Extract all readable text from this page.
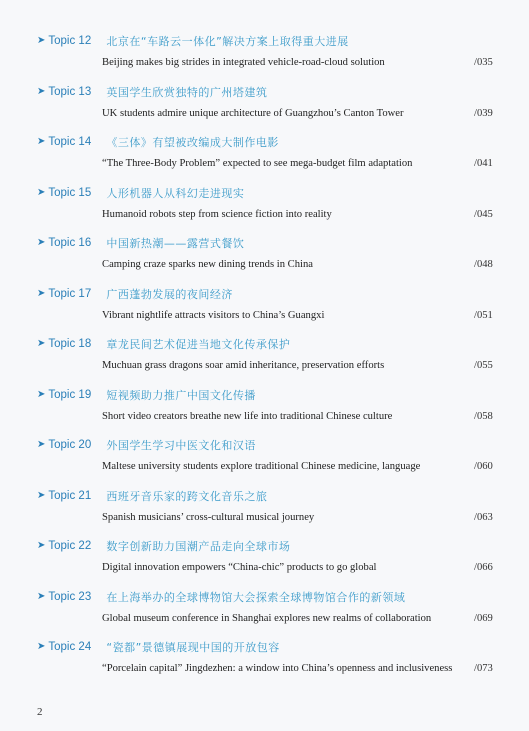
➤ Topic 12	北京在“车路云一体化”解决方案上取得重大进展
Beijing makes big strides in integrated vehicle-road-cloud solution	/035
➤ Topic 13	英国学生欣赏独特的广州塔建筑
UK students admire unique architecture of Guangzhou’s Canton Tower	/039
➤ Topic 14	《三体》有望被改编成大制作电影
“The Three-Body Problem” expected to see mega-budget film adaptation	/041
➤ Topic 15	人形机器人从科幻走进现实
Humanoid robots step from science fiction into reality	/045
➤ Topic 16	中国新热潮——露营式餐饮
Camping craze sparks new dining trends in China	/048
➤ Topic 17	广西蓬勃发展的夜间经济
Vibrant nightlife attracts visitors to China’s Guangxi	/051
➤ Topic 18	章龙民间艺术促进当地文化传承保护
Muchuan grass dragons soar amid inheritance, preservation efforts	/055
➤ Topic 19	短视频助力推广中国文化传播
Short video creators breathe new life into traditional Chinese culture	/058
➤ Topic 20	外国学生学习中医文化和汉语
Maltese university students explore traditional Chinese medicine, language	/060
➤ Topic 21	西班牙音乐家的跨文化音乐之旅
Spanish musicians’ cross-cultural musical journey	/063
➤ Topic 22	数字创新助力国潮产品走向全球市场
Digital innovation empowers “China-chic” products to go global	/066
➤ Topic 23	在上海举办的全球博物馆大会探索全球博物馆合作的新领域
Global museum conference in Shanghai explores new realms of collaboration	/069
➤ Topic 24	“瓷都”景德镇展现中国的开放包容
“Porcelain capital” Jingdezhen: a window into China’s openness and inclusiveness /073
2
